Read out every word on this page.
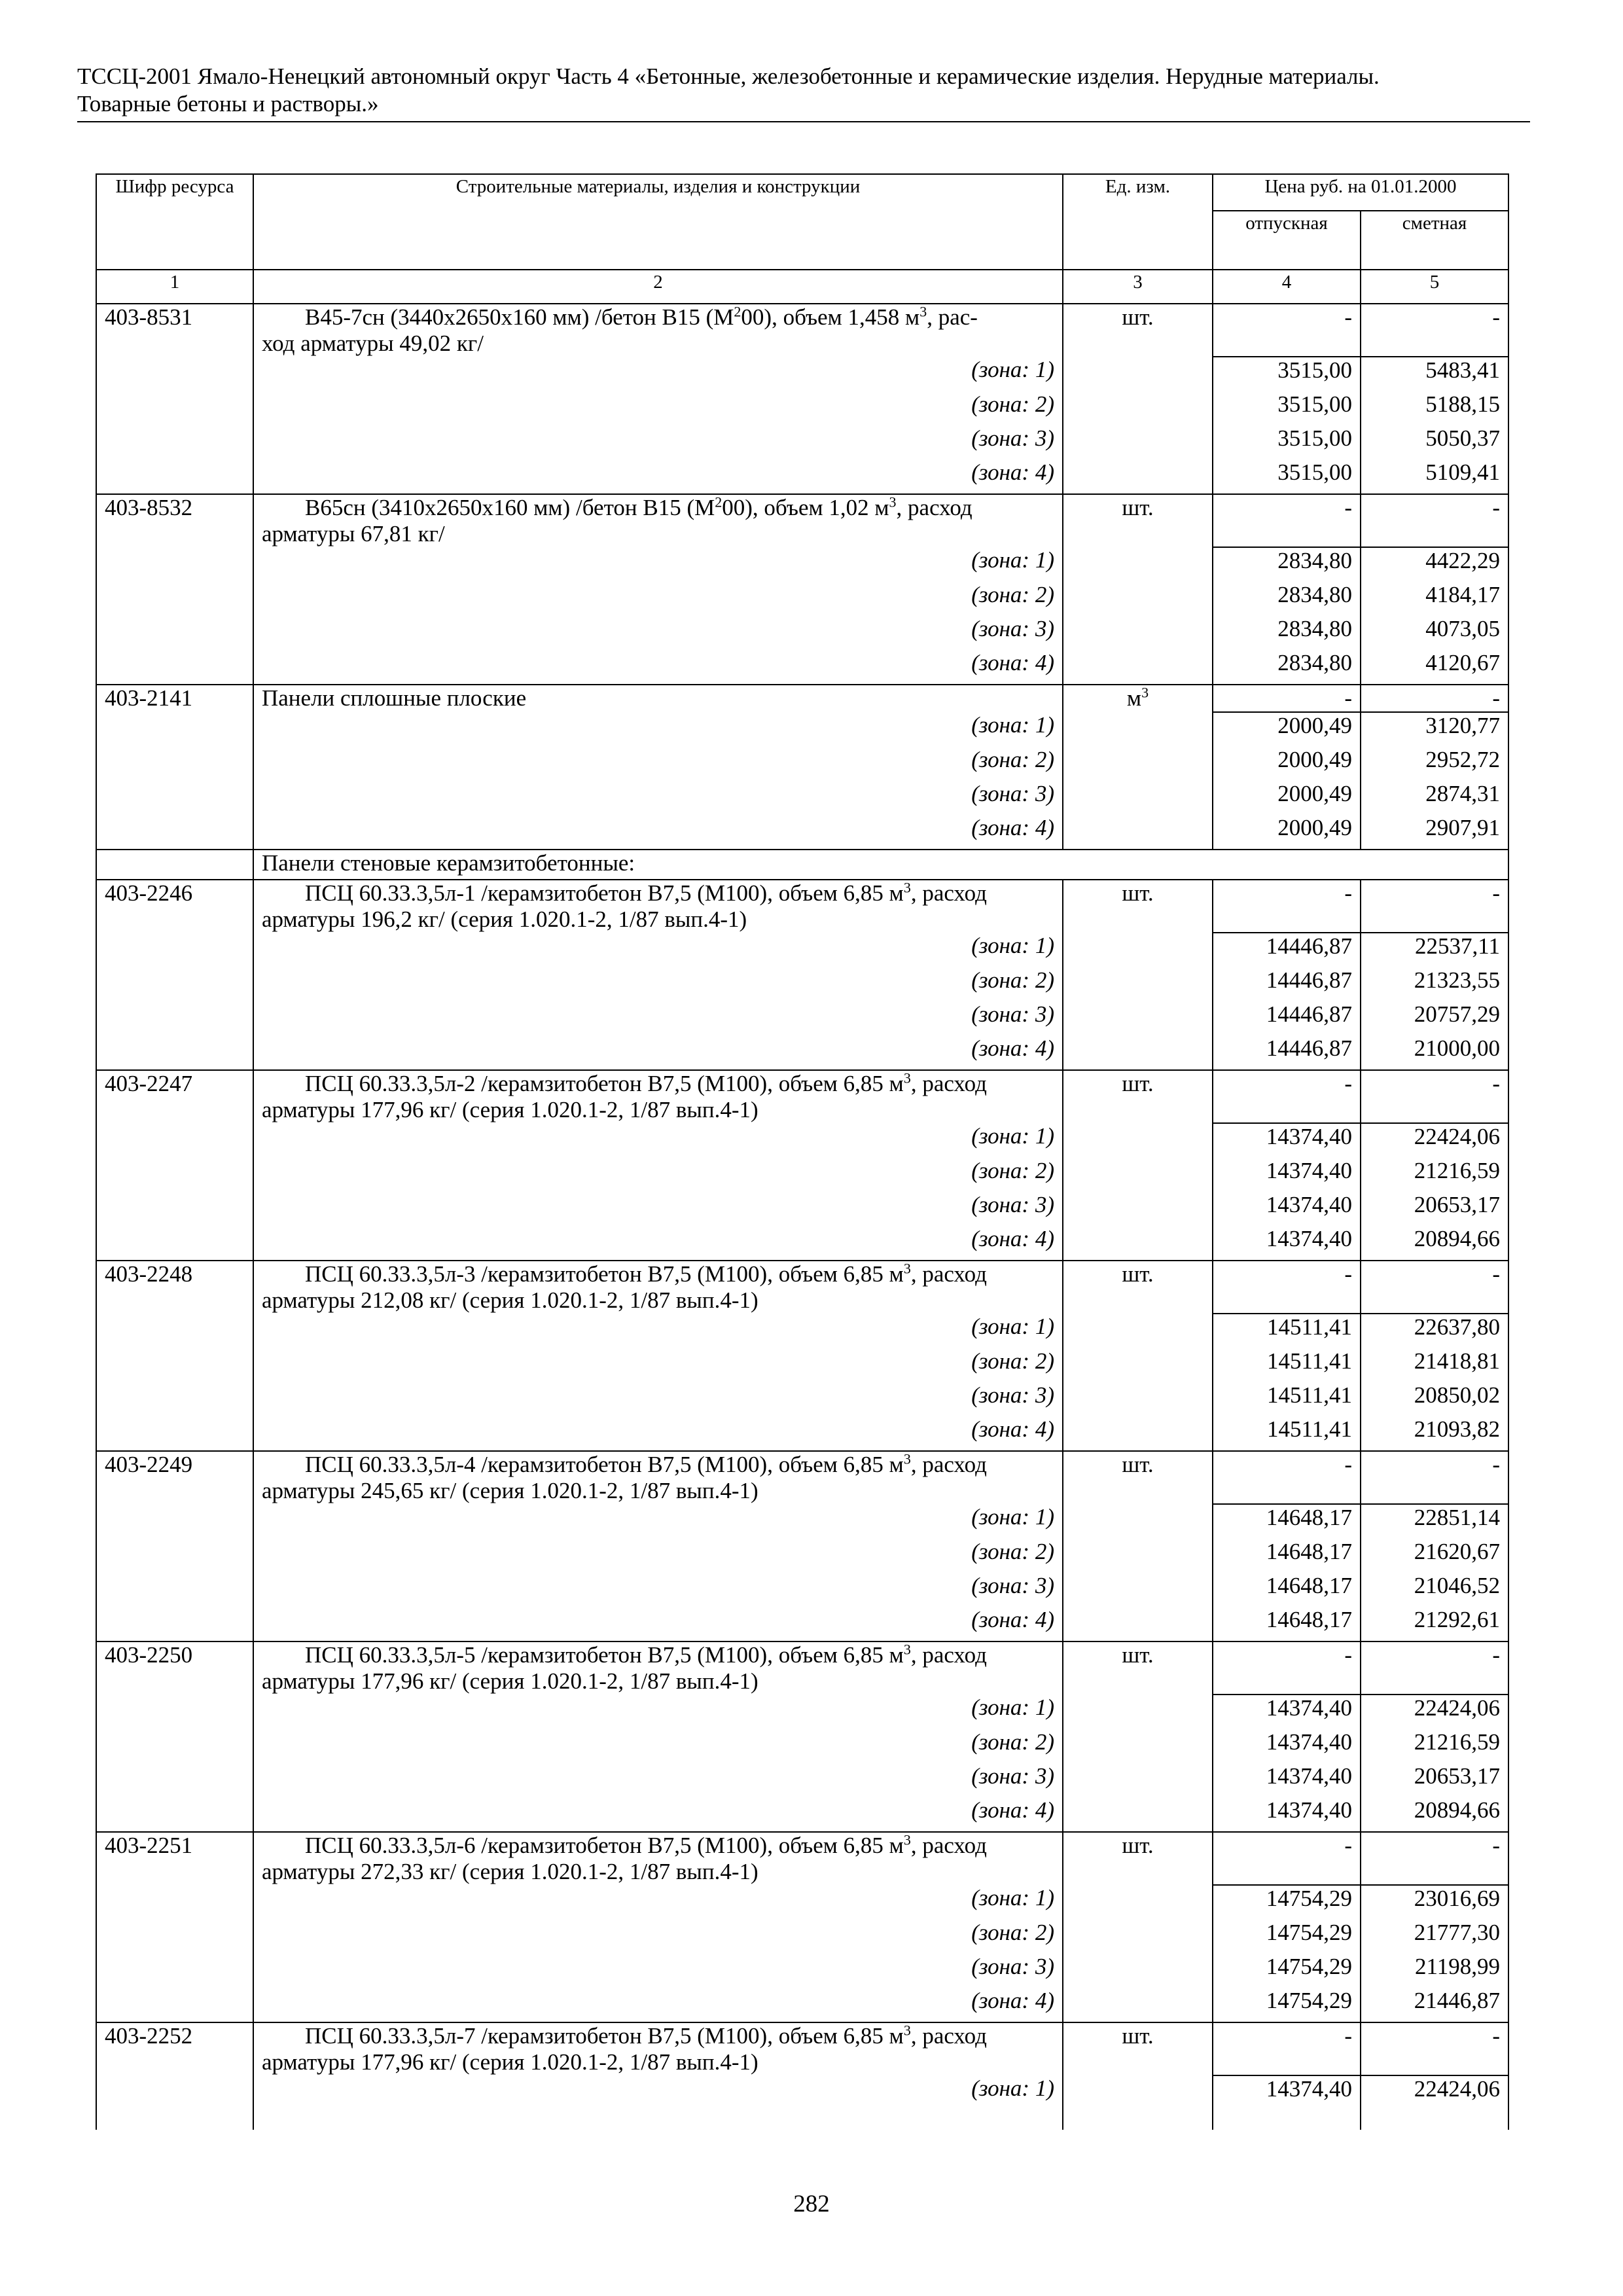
ТССЦ-2001 Ямало-Ненецкий автономный округ Часть 4 «Бетонные, железобетонные и керамические изделия. Нерудные материалы.
Товарные бетоны и растворы.»
Шифр ресурса	Строительные материалы, изделия и конструкции	Ед. изм.	Цена руб. на 01.01.2000	
			отпускная	сметная
1	2	3	4	5
403-8531	В45-7сн (3440х2650х160 мм) /бетон В15 $(М^200)$, объем 1,458 $м^3$, рас-
ход арматуры 49,02 кг/	шт.	-	-
	(зона: 1)		3515,00	5483,41
	(зона: 2)		3515,00	5188,15
	(зона: 3)		3515,00	5050,37
	(зона: 4)		3515,00	5109,41
403-8532	В65сн (3410х2650х160 мм) /бетон В15 $(М^200)$, объем 1,02 $м^3$, расход
арматуры 67,81 кг/	шт.	-	-
	(зона: 1)		2834,80	4422,29
	(зона: 2)		2834,80	4184,17
	(зона: 3)		2834,80	4073,05
	(зона: 4)		2834,80	4120,67
403-2141	Панели сплошные плоские	$м^3$	-	-
	(зона: 1)		2000,49	3120,77
	(зона: 2)		2000,49	2952,72
	(зона: 3)		2000,49	2874,31
	(зона: 4)		2000,49	2907,91
	Панели стеновые керамзитобетонные:			
403-2246	ПСЦ 60.33.3,5л-1 /керамзитобетон В7,5 (М100), объем 6,85 $м^3$, расход
арматуры 196,2 кг/ (серия 1.020.1-2, 1/87 вып.4-1)	шт.	-	-
	(зона: 1)		14446,87	22537,11
	(зона: 2)		14446,87	21323,55
	(зона: 3)		14446,87	20757,29
	(зона: 4)		14446,87	21000,00
403-2247	ПСЦ 60.33.3,5л-2 /керамзитобетон В7,5 (М100), объем 6,85 $м^3$, расход
арматуры 177,96 кг/ (серия 1.020.1-2, 1/87 вып.4-1)	шт.	-	-
	(зона: 1)		14374,40	22424,06
	(зона: 2)		14374,40	21216,59
	(зона: 3)		14374,40	20653,17
	(зона: 4)		14374,40	20894,66
403-2248	ПСЦ 60.33.3,5л-3 /керамзитобетон В7,5 (М100), объем 6,85 $м^3$, расход
арматуры 212,08 кг/ (серия 1.020.1-2, 1/87 вып.4-1)	шт.	-	-
	(зона: 1)		14511,41	22637,80
	(зона: 2)		14511,41	21418,81
	(зона: 3)		14511,41	20850,02
	(зона: 4)		14511,41	21093,82
403-2249	ПСЦ 60.33.3,5л-4 /керамзитобетон В7,5 (М100), объем 6,85 $м^3$, расход
арматуры 245,65 кг/ (серия 1.020.1-2, 1/87 вып.4-1)	шт.	-	-
	(зона: 1)		14648,17	22851,14
	(зона: 2)		14648,17	21620,67
	(зона: 3)		14648,17	21046,52
	(зона: 4)		14648,17	21292,61
403-2250	ПСЦ 60.33.3,5л-5 /керамзитобетон В7,5 (М100), объем 6,85 $м^3$, расход
арматуры 177,96 кг/ (серия 1.020.1-2, 1/87 вып.4-1)	шт.	-	-
	(зона: 1)		14374,40	22424,06
	(зона: 2)		14374,40	21216,59
	(зона: 3)		14374,40	20653,17
	(зона: 4)		14374,40	20894,66
403-2251	ПСЦ 60.33.3,5л-6 /керамзитобетон В7,5 (М100), объем 6,85 $м^3$, расход
арматуры 272,33 кг/ (серия 1.020.1-2, 1/87 вып.4-1)	шт.	-	-
	(зона: 1)		14754,29	23016,69
	(зона: 2)		14754,29	21777,30
	(зона: 3)		14754,29	21198,99
	(зона: 4)		14754,29	21446,87
403-2252	ПСЦ 60.33.3,5л-7 /керамзитобетон В7,5 (М100), объем 6,85 $м^3$, расход
арматуры 177,96 кг/ (серия 1.020.1-2, 1/87 вып.4-1)	шт.	-	-
	(зона: 1)		14374,40	22424,06

282
